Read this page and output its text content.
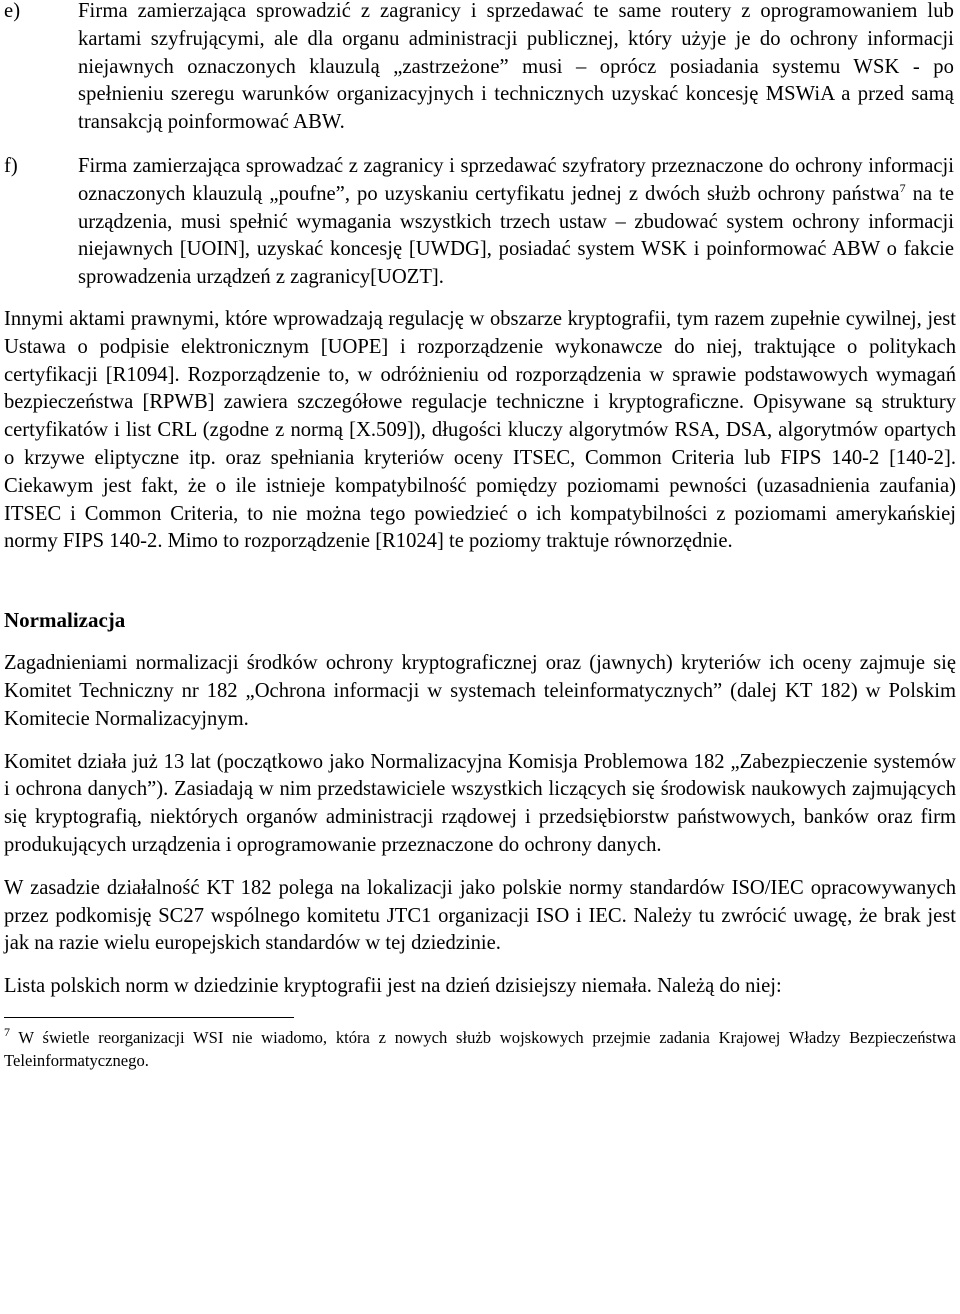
e)	Firma zamierzająca sprowadzić z zagranicy i sprzedawać te same routery z oprogramowaniem lub kartami szyfrującymi, ale dla organu administracji publicznej, który użyje je do ochrony informacji niejawnych oznaczonych klauzulą „zastrzeżone” musi – oprócz posiadania systemu WSK - po spełnieniu szeregu warunków organizacyjnych i technicznych uzyskać koncesję MSWiA a przed samą transakcją poinformować ABW.

f)	Firma zamierzająca sprowadzać z zagranicy i sprzedawać szyfratory przeznaczone do ochrony informacji oznaczonych klauzulą „poufne”, po uzyskaniu certyfikatu jednej z dwóch służb ochrony państwa$^7$ na te urządzenia, musi spełnić wymagania wszystkich trzech ustaw – zbudować system ochrony informacji niejawnych [UOIN], uzyskać koncesję [UWDG], posiadać system WSK i poinformować ABW o fakcie sprowadzenia urządzeń z zagranicy[UOZT].

Innymi aktami prawnymi, które wprowadzają regulację w obszarze kryptografii, tym razem zupełnie cywilnej, jest Ustawa o podpisie elektronicznym [UOPE] i rozporządzenie wykonawcze do niej, traktujące o politykach certyfikacji [R1094]. Rozporządzenie to, w odróżnieniu od rozporządzenia w sprawie podstawowych wymagań bezpieczeństwa [RPWB] zawiera szczegółowe regulacje techniczne i kryptograficzne. Opisywane są struktury certyfikatów i list CRL (zgodne z normą [X.509]), długości kluczy algorytmów RSA, DSA, algorytmów opartych o krzywe eliptyczne itp. oraz spełniania kryteriów oceny ITSEC, Common Criteria lub FIPS 140-2 [140-2]. Ciekawym jest fakt, że o ile istnieje kompatybilność pomiędzy poziomami pewności (uzasadnienia zaufania) ITSEC i Common Criteria, to nie można tego powiedzieć o ich kompatybilności z poziomami amerykańskiej normy FIPS 140-2. Mimo to rozporządzenie [R1024] te poziomy traktuje równorzędnie.

Normalizacja

Zagadnieniami normalizacji środków ochrony kryptograficznej oraz (jawnych) kryteriów ich oceny zajmuje się Komitet Techniczny nr 182 „Ochrona informacji w systemach teleinformatycznych” (dalej KT 182) w Polskim Komitecie Normalizacyjnym.

Komitet działa już 13 lat (początkowo jako Normalizacyjna Komisja Problemowa 182 „Zabezpieczenie systemów i ochrona danych”). Zasiadają w nim przedstawiciele wszystkich liczących się środowisk naukowych zajmujących się kryptografią, niektórych organów administracji rządowej i przedsiębiorstw państwowych, banków oraz firm produkujących urządzenia i oprogramowanie przeznaczone do ochrony danych.

W zasadzie działalność KT 182 polega na lokalizacji jako polskie normy standardów ISO/IEC opracowywanych przez podkomisję SC27 wspólnego komitetu JTC1 organizacji ISO i IEC. Należy tu zwrócić uwagę, że brak jest jak na razie wielu europejskich standardów w tej dziedzinie.

Lista polskich norm w dziedzinie kryptografii jest na dzień dzisiejszy niemała. Należą do niej:

$^7$ W świetle reorganizacji WSI nie wiadomo, która z nowych służb wojskowych przejmie zadania Krajowej Władzy Bezpieczeństwa Teleinformatycznego.
